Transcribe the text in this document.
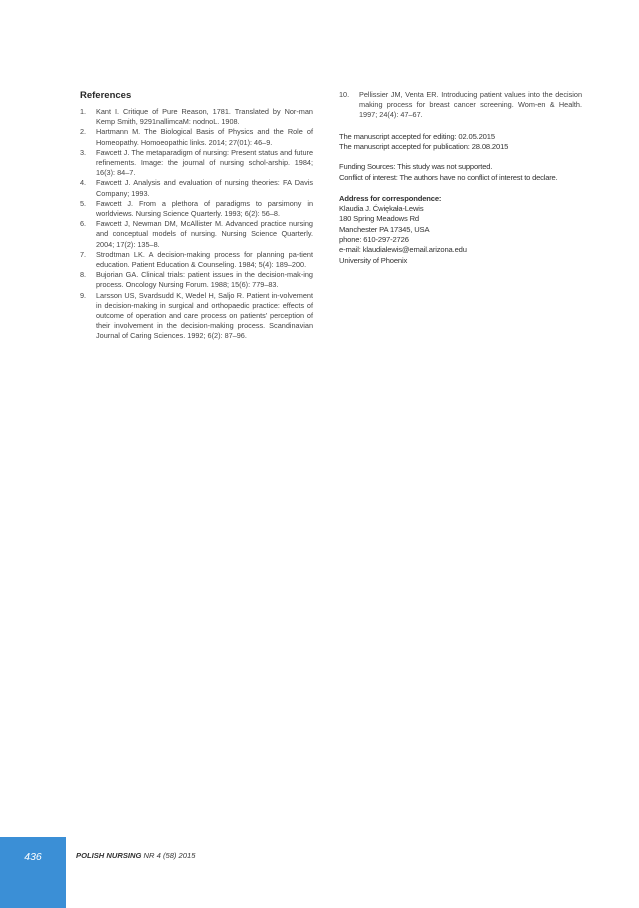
References
1. Kant I. Critique of Pure Reason, 1781. Translated by Nor-man Kemp Smith, 9291nallimcaM: nodnoL. 1908.
2. Hartmann M. The Biological Basis of Physics and the Role of Homeopathy. Homoeopathic links. 2014; 27(01): 46–9.
3. Fawcett J. The metaparadigm of nursing: Present status and future refinements. Image: the journal of nursing schol-arship. 1984; 16(3): 84–7.
4. Fawcett J. Analysis and evaluation of nursing theories: FA Davis Company; 1993.
5. Fawcett J. From a plethora of paradigms to parsimony in worldviews. Nursing Science Quarterly. 1993; 6(2): 56–8.
6. Fawcett J, Newman DM, McAllister M. Advanced practice nursing and conceptual models of nursing. Nursing Science Quarterly. 2004; 17(2): 135–8.
7. Strodtman LK. A decision-making process for planning pa-tient education. Patient Education & Counseling. 1984; 5(4): 189–200.
8. Bujorian GA. Clinical trials: patient issues in the decision-mak-ing process. Oncology Nursing Forum. 1988; 15(6): 779–83.
9. Larsson US, Svardsudd K, Wedel H, Saljo R. Patient in-volvement in decision-making in surgical and orthopaedic practice: effects of outcome of operation and care process on patients' perception of their involvement in the decision-making process. Scandinavian Journal of Caring Sciences. 1992; 6(2): 87–96.
10. Pellissier JM, Venta ER. Introducing patient values into the decision making process for breast cancer screening. Wom-en & Health. 1997; 24(4): 47–67.
The manuscript accepted for editing: 02.05.2015
The manuscript accepted for publication: 28.08.2015
Funding Sources: This study was not supported.
Conflict of interest: The authors have no conflict of interest to declare.
Address for correspondence:
Klaudia J. Ćwiękała-Lewis
180 Spring Meadows Rd
Manchester PA 17345, USA
phone: 610-297-2726
e-mail: klaudialewis@email.arizona.edu
University of Phoenix
436	POLISH NURSING NR 4 (58) 2015
